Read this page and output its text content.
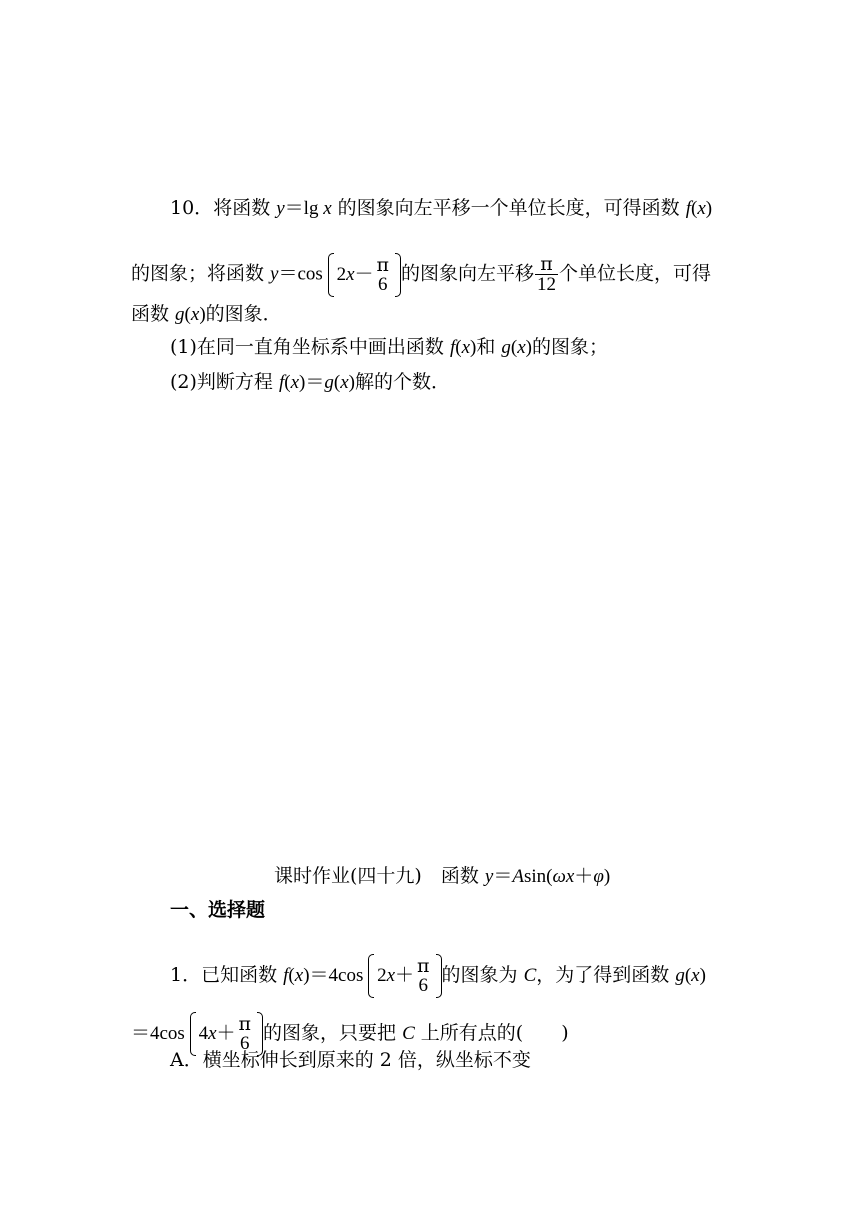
10．将函数 y＝lg x 的图象向左平移一个单位长度，可得函数 f(x)
的图象；将函数 y＝cos 2x－ π
6 的图象向左平移 $\frac{\pi}{12}$ 个单位长度，可得
函数 g(x)的图象．
(1)在同一直角坐标系中画出函数 f(x)和 g(x)的图象；
(2)判断方程 f(x)＝g(x)解的个数．
课时作业(四十九)　函数 y＝Asin(ωx＋φ)
一、选择题
1．已知函数 f(x)＝4cos 2x＋ π
6 的图象为 C，为了得到函数 g(x)
＝4cos 4x＋ π
6 的图象，只要把 C 上所有点的(　　)
A．横坐标伸长到原来的 2 倍，纵坐标不变
